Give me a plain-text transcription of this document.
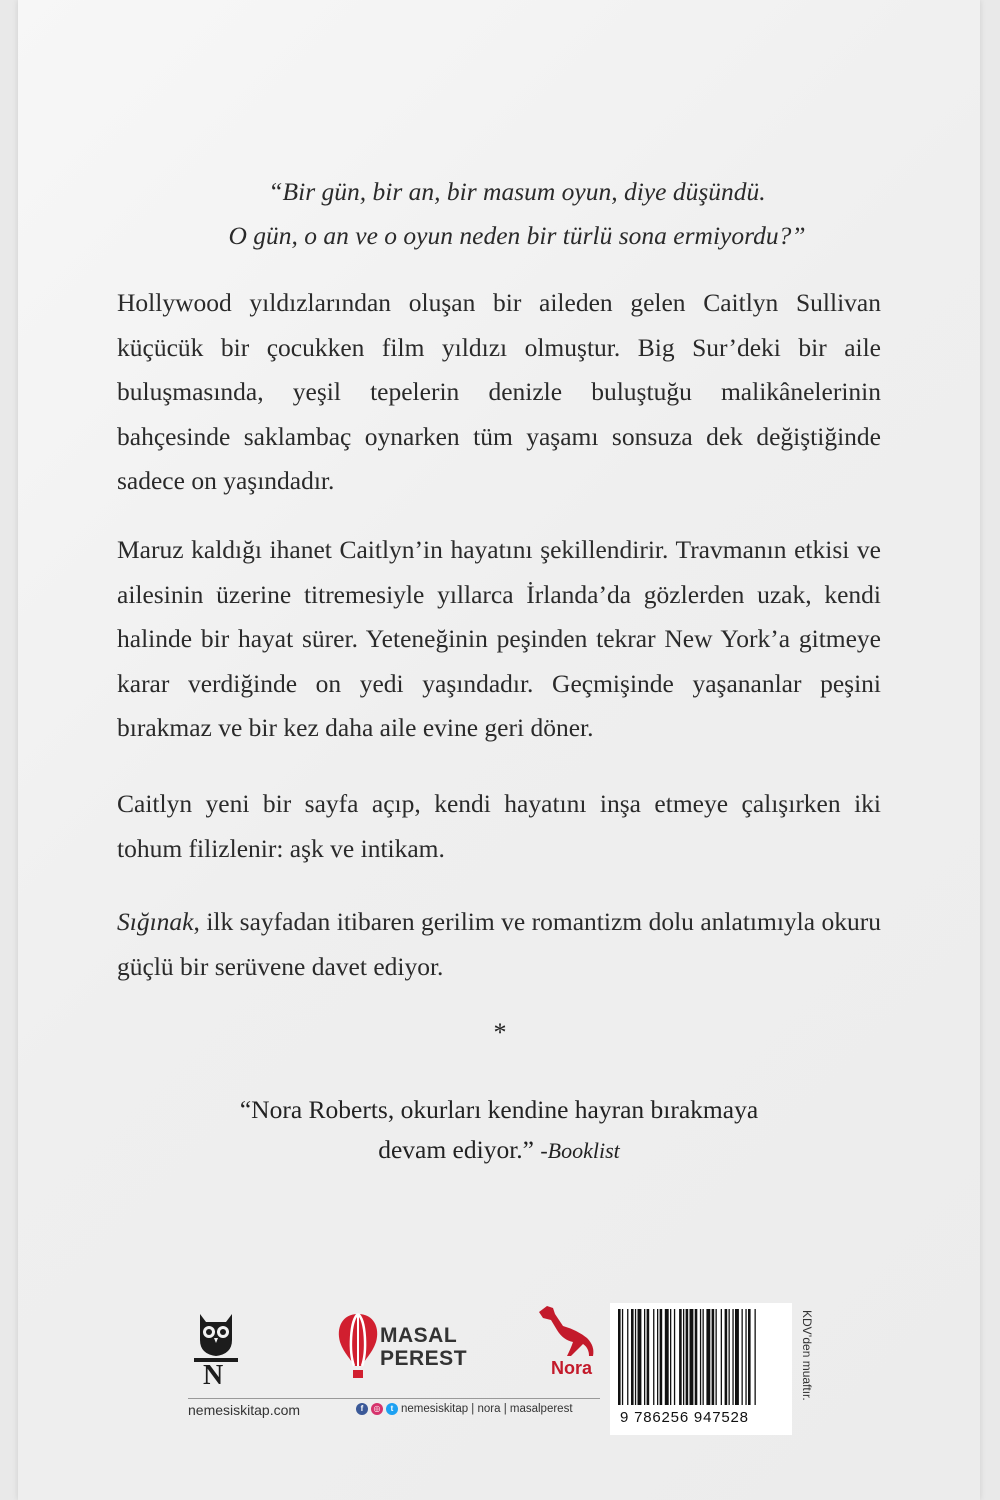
“Bir gün, bir an, bir masum oyun, diye düşündü.
O gün, o an ve o oyun neden bir türlü sona ermiyordu?”
Hollywood yıldızlarından oluşan bir aileden gelen Caitlyn Sullivan küçücük bir çocukken film yıldızı olmuştur. Big Sur’deki bir aile buluşmasında, yeşil tepelerin denizle buluştuğu malikânelerinin bahçesinde saklambaç oynarken tüm yaşamı sonsuza dek değiştiğinde sadece on yaşındadır.
Maruz kaldığı ihanet Caitlyn’in hayatını şekillendirir. Travmanın etkisi ve ailesinin üzerine titremesiyle yıllarca İrlanda’da gözlerden uzak, kendi halinde bir hayat sürer. Yeteneğinin peşinden tekrar New York’a gitmeye karar verdiğinde on yedi yaşındadır. Geçmişinde yaşananlar peşini bırakmaz ve bir kez daha aile evine geri döner.
Caitlyn yeni bir sayfa açıp, kendi hayatını inşa etmeye çalışırken iki tohum filizlenir: aşk ve intikam.
Sığınak, ilk sayfadan itibaren gerilim ve romantizm dolu anlatımıyla okuru güçlü bir serüvene davet ediyor.
*
“Nora Roberts, okurları kendine hayran bırakmaya
devam ediyor.” -Booklist
N
MASAL
PEREST	Nora
nemesiskitap.com	f	◎	t nemesiskitap | nora | masalperest	9 786256 947528
KDV’den muaftır.
